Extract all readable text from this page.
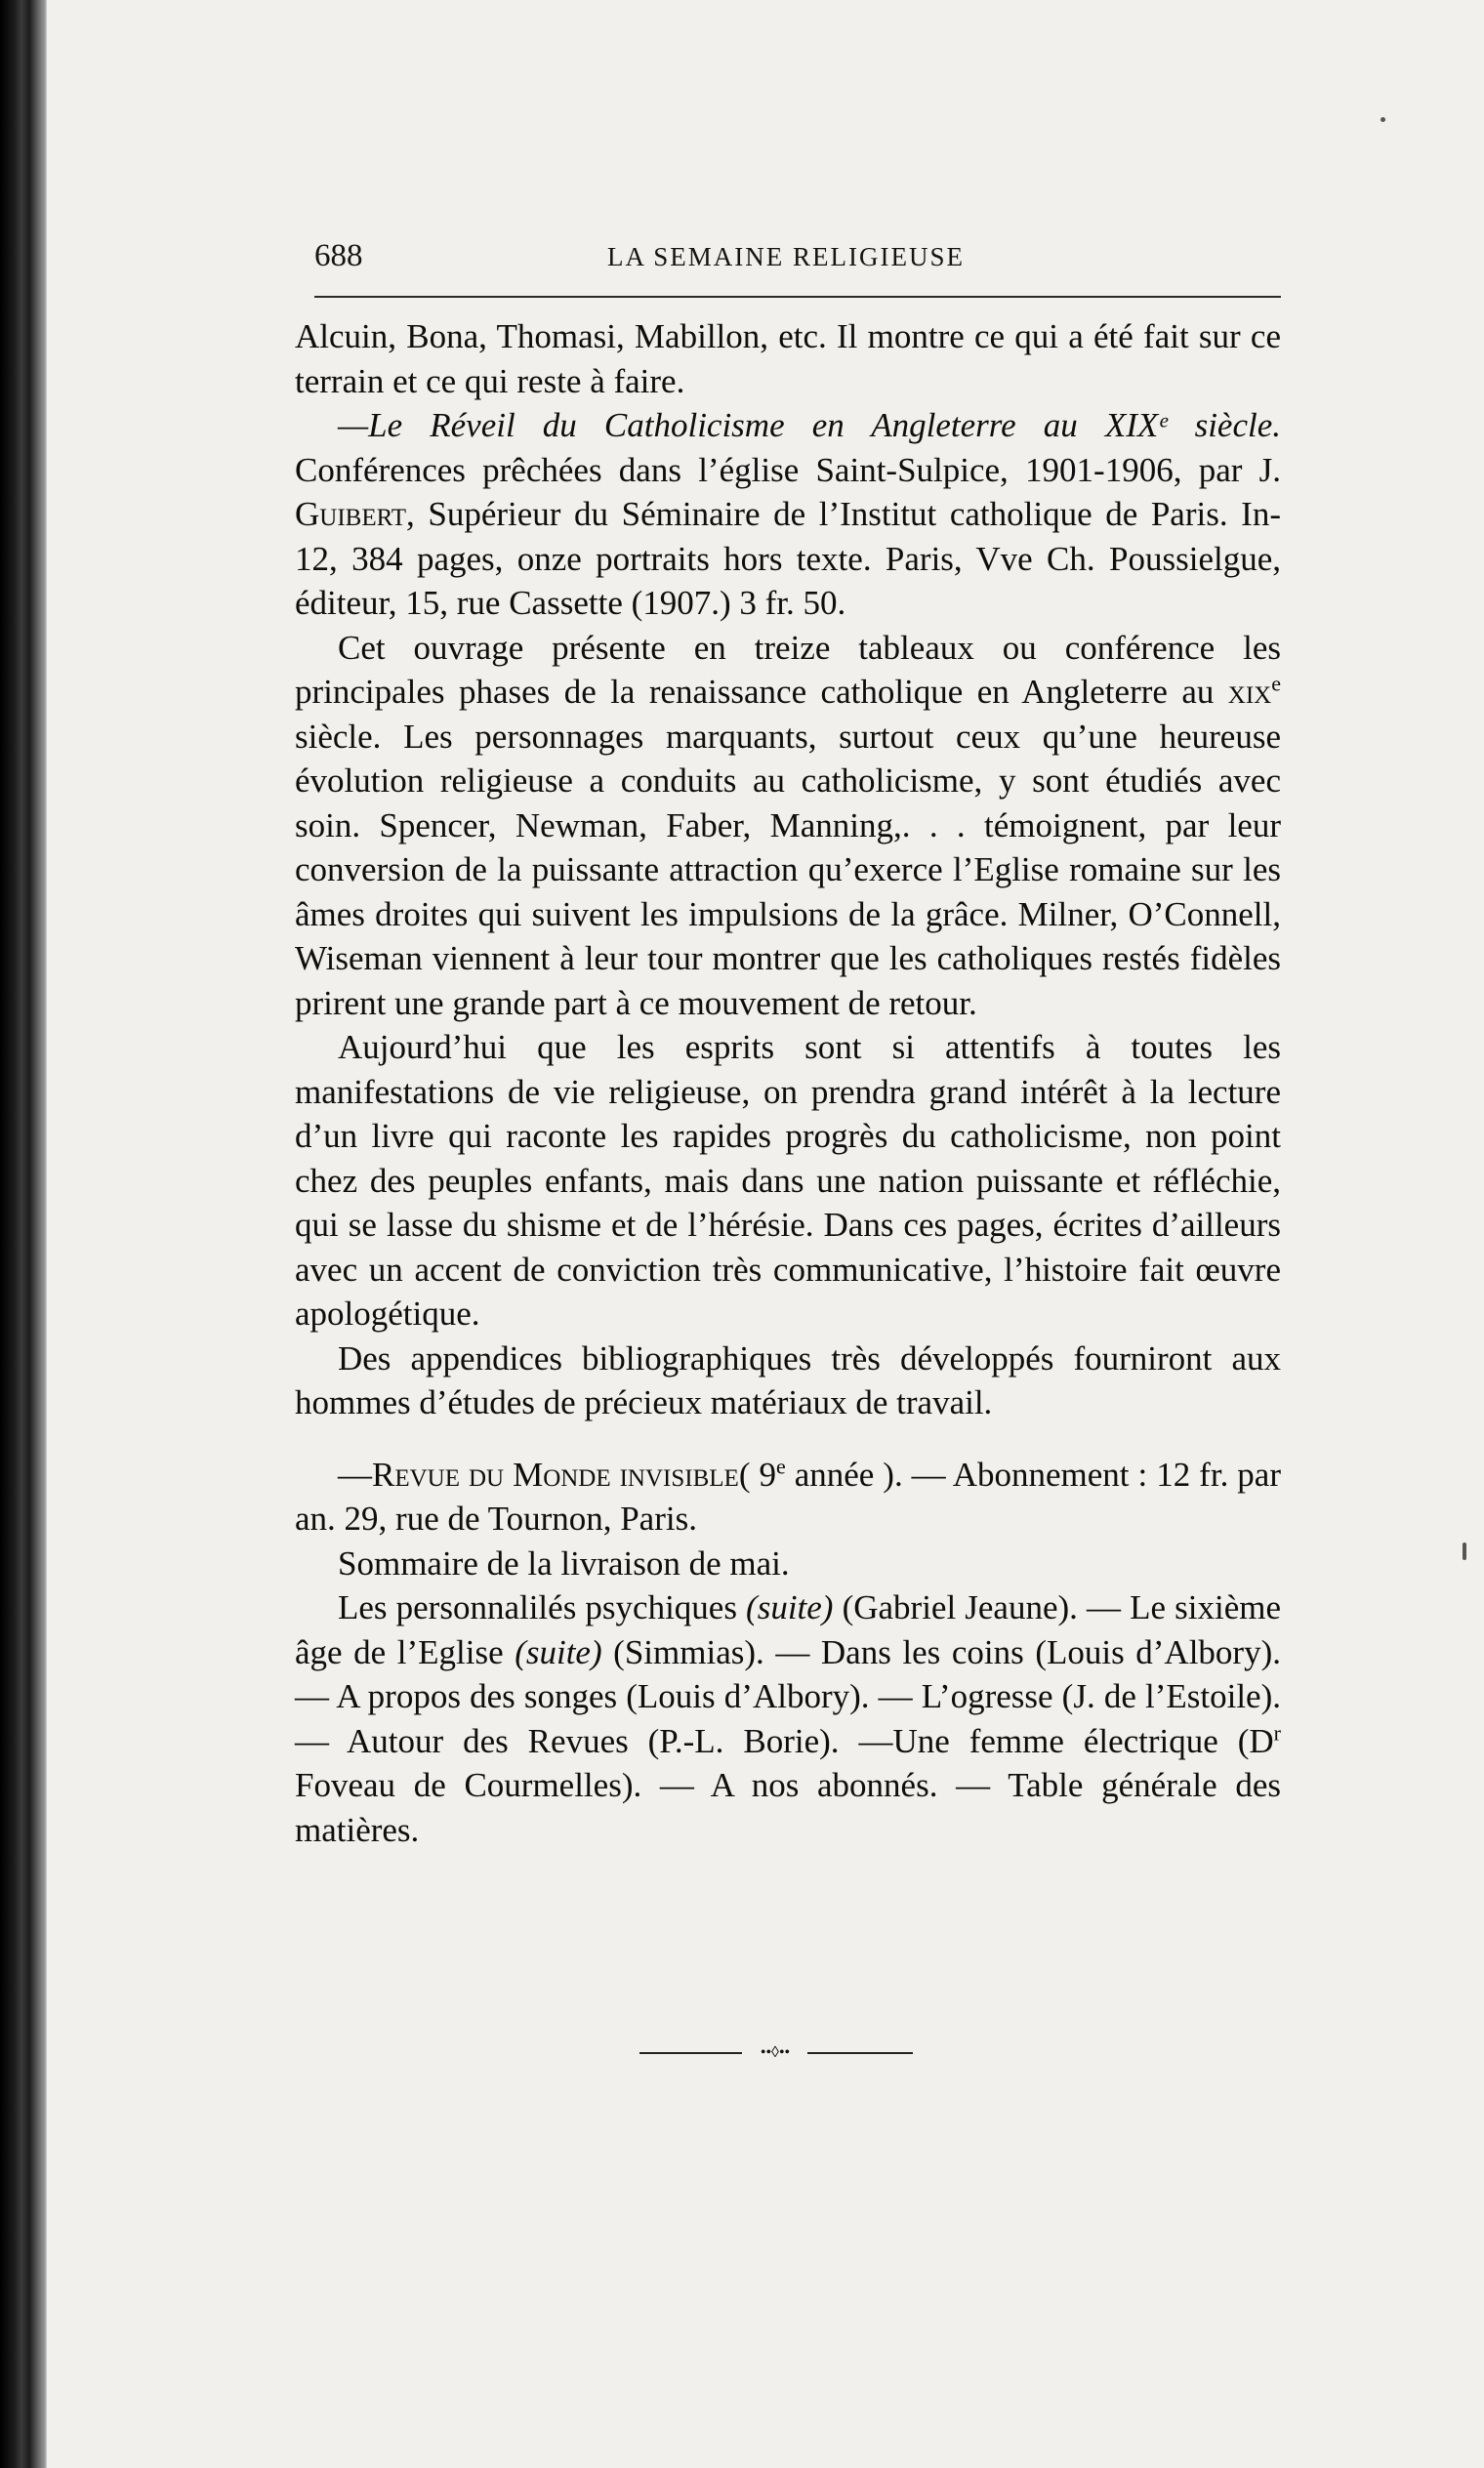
688	LA SEMAINE RELIGIEUSE

Alcuin, Bona, Thomasi, Mabillon, etc. Il montre ce qui a été fait sur ce terrain et ce qui reste à faire.

—Le Réveil du Catholicisme en Angleterre au XIXᵉ siècle. Conférences prêchées dans l’église Saint-Sulpice, 1901-1906, par J. Guibert, Supérieur du Séminaire de l’Institut catholique de Paris. In-12, 384 pages, onze portraits hors texte. Paris, Vve Ch. Poussielgue, éditeur, 15, rue Cassette (1907.) 3 fr. 50.

Cet ouvrage présente en treize tableaux ou conférence les principales phases de la renaissance catholique en Angleterre au xix$^e$ siècle. Les personnages marquants, surtout ceux qu’une heureuse évolution religieuse a conduits au catholicisme, y sont étudiés avec soin. Spencer, Newman, Faber, Manning,. . . témoignent, par leur conversion de la puissante attraction qu’exerce l’Eglise romaine sur les âmes droites qui suivent les impulsions de la grâce. Milner, O’Connell, Wiseman viennent à leur tour montrer que les catholiques restés fidèles prirent une grande part à ce mouvement de retour.

Aujourd’hui que les esprits sont si attentifs à toutes les manifestations de vie religieuse, on prendra grand intérêt à la lecture d’un livre qui raconte les rapides progrès du catholicisme, non point chez des peuples enfants, mais dans une nation puissante et réfléchie, qui se lasse du shisme et de l’hérésie. Dans ces pages, écrites d’ailleurs avec un accent de conviction très communicative, l’histoire fait œuvre apologétique.

Des appendices bibliographiques très développés fourniront aux hommes d’études de précieux matériaux de travail.

—Revue du Monde invisible( 9e année ). — Abonnement : 12 fr. par an. 29, rue de Tournon, Paris.

Sommaire de la livraison de mai.

Les personnalilés psychiques (suite) (Gabriel Jeaune). — Le sixième âge de l’Eglise (suite) (Simmias). — Dans les coins (Louis d’Albory). — A propos des songes (Louis d’Albory). — L’ogresse (J. de l’Estoile). — Autour des Revues (P.-L. Borie). —Une femme électrique ($D^r$ Foveau de Courmelles). — A nos abonnés. — Table générale des matières.

••◊••
